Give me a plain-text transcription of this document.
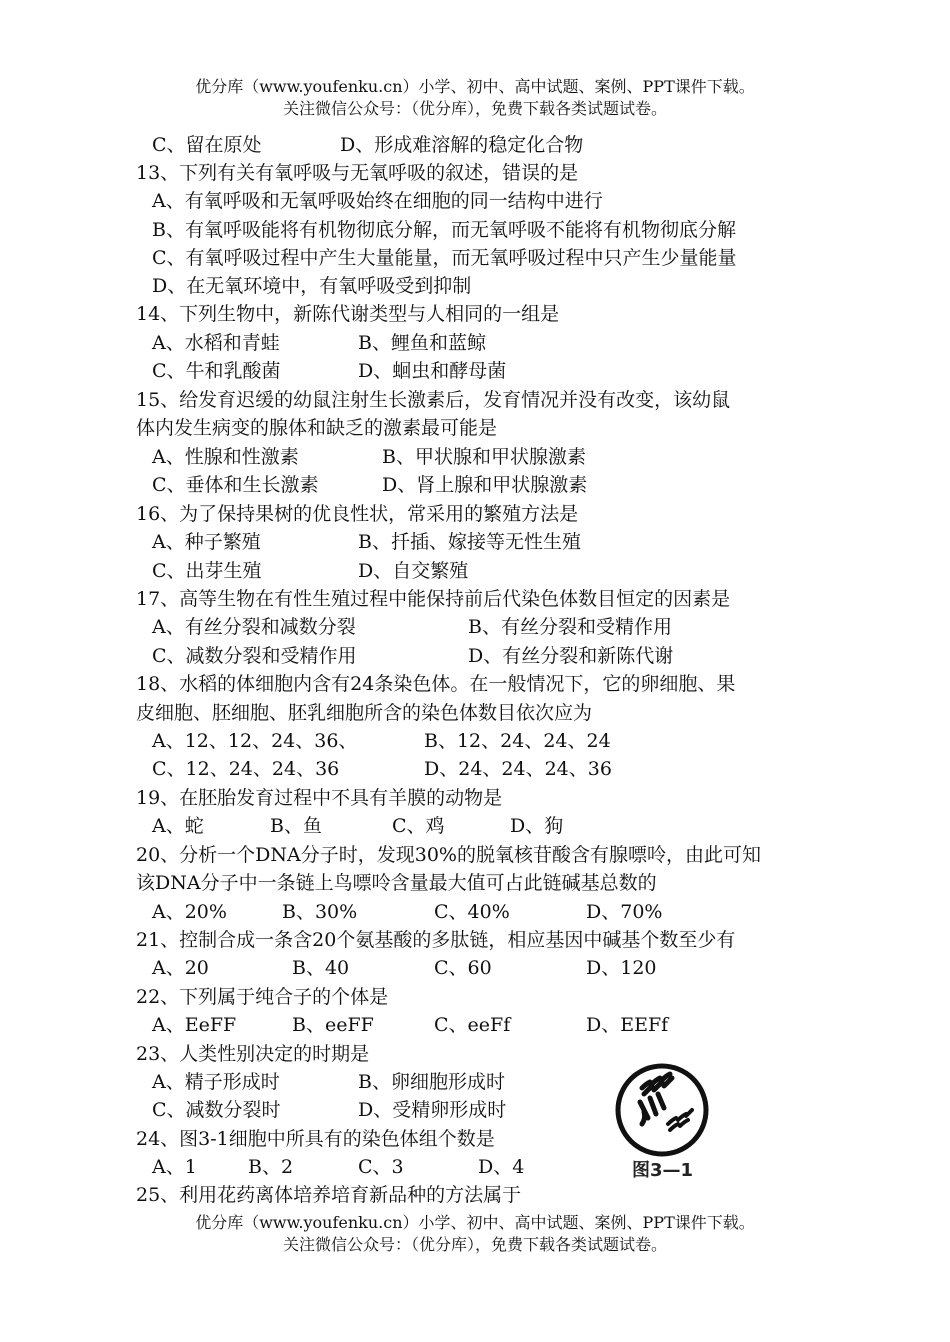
优分库（www.youfenku.cn）小学、初中、高中试题、案例、PPT课件下载。
关注微信公众号：（优分库），免费下载各类试题试卷。
C、留在原处	D、形成难溶解的稳定化合物
13、下列有关有氧呼吸与无氧呼吸的叙述，错误的是
A、有氧呼吸和无氧呼吸始终在细胞的同一结构中进行
B、有氧呼吸能将有机物彻底分解，而无氧呼吸不能将有机物彻底分解
C、有氧呼吸过程中产生大量能量，而无氧呼吸过程中只产生少量能量
D、在无氧环境中，有氧呼吸受到抑制
14、下列生物中，新陈代谢类型与人相同的一组是
A、水稻和青蛙	B、鲤鱼和蓝鲸
C、牛和乳酸菌	D、蛔虫和酵母菌
15、给发育迟缓的幼鼠注射生长激素后，发育情况并没有改变，该幼鼠
体内发生病变的腺体和缺乏的激素最可能是
A、性腺和性激素	B、甲状腺和甲状腺激素
C、垂体和生长激素	D、肾上腺和甲状腺激素
16、为了保持果树的优良性状，常采用的繁殖方法是
A、种子繁殖	B、扦插、嫁接等无性生殖
C、出芽生殖	D、自交繁殖
17、高等生物在有性生殖过程中能保持前后代染色体数目恒定的因素是
A、有丝分裂和减数分裂	B、有丝分裂和受精作用
C、减数分裂和受精作用	D、有丝分裂和新陈代谢
18、水稻的体细胞内含有24条染色体。在一般情况下，它的卵细胞、果
皮细胞、胚细胞、胚乳细胞所含的染色体数目依次应为
A、12、12、24、36、	B、12、24、24、24
C、12、24、24、36	D、24、24、24、36
19、在胚胎发育过程中不具有羊膜的动物是
A、蛇	B、鱼	C、鸡	D、狗
20、分析一个DNA分子时，发现30%的脱氧核苷酸含有腺嘌呤，由此可知
该DNA分子中一条链上鸟嘌呤含量最大值可占此链碱基总数的
A、20%	B、30%	C、40%	D、70%
21、控制合成一条含20个氨基酸的多肽链，相应基因中碱基个数至少有
A、20	B、40	C、60	D、120
22、下列属于纯合子的个体是
A、EeFF	B、eeFF	C、eeFf	D、EEFf
23、人类性别决定的时期是
A、精子形成时	B、卵细胞形成时
C、减数分裂时	D、受精卵形成时
24、图3-1细胞中所具有的染色体组个数是
A、1	B、2	C、3	D、4
25、利用花药离体培养培育新品种的方法属于
图3—1
优分库（www.youfenku.cn）小学、初中、高中试题、案例、PPT课件下载。
关注微信公众号：（优分库），免费下载各类试题试卷。
